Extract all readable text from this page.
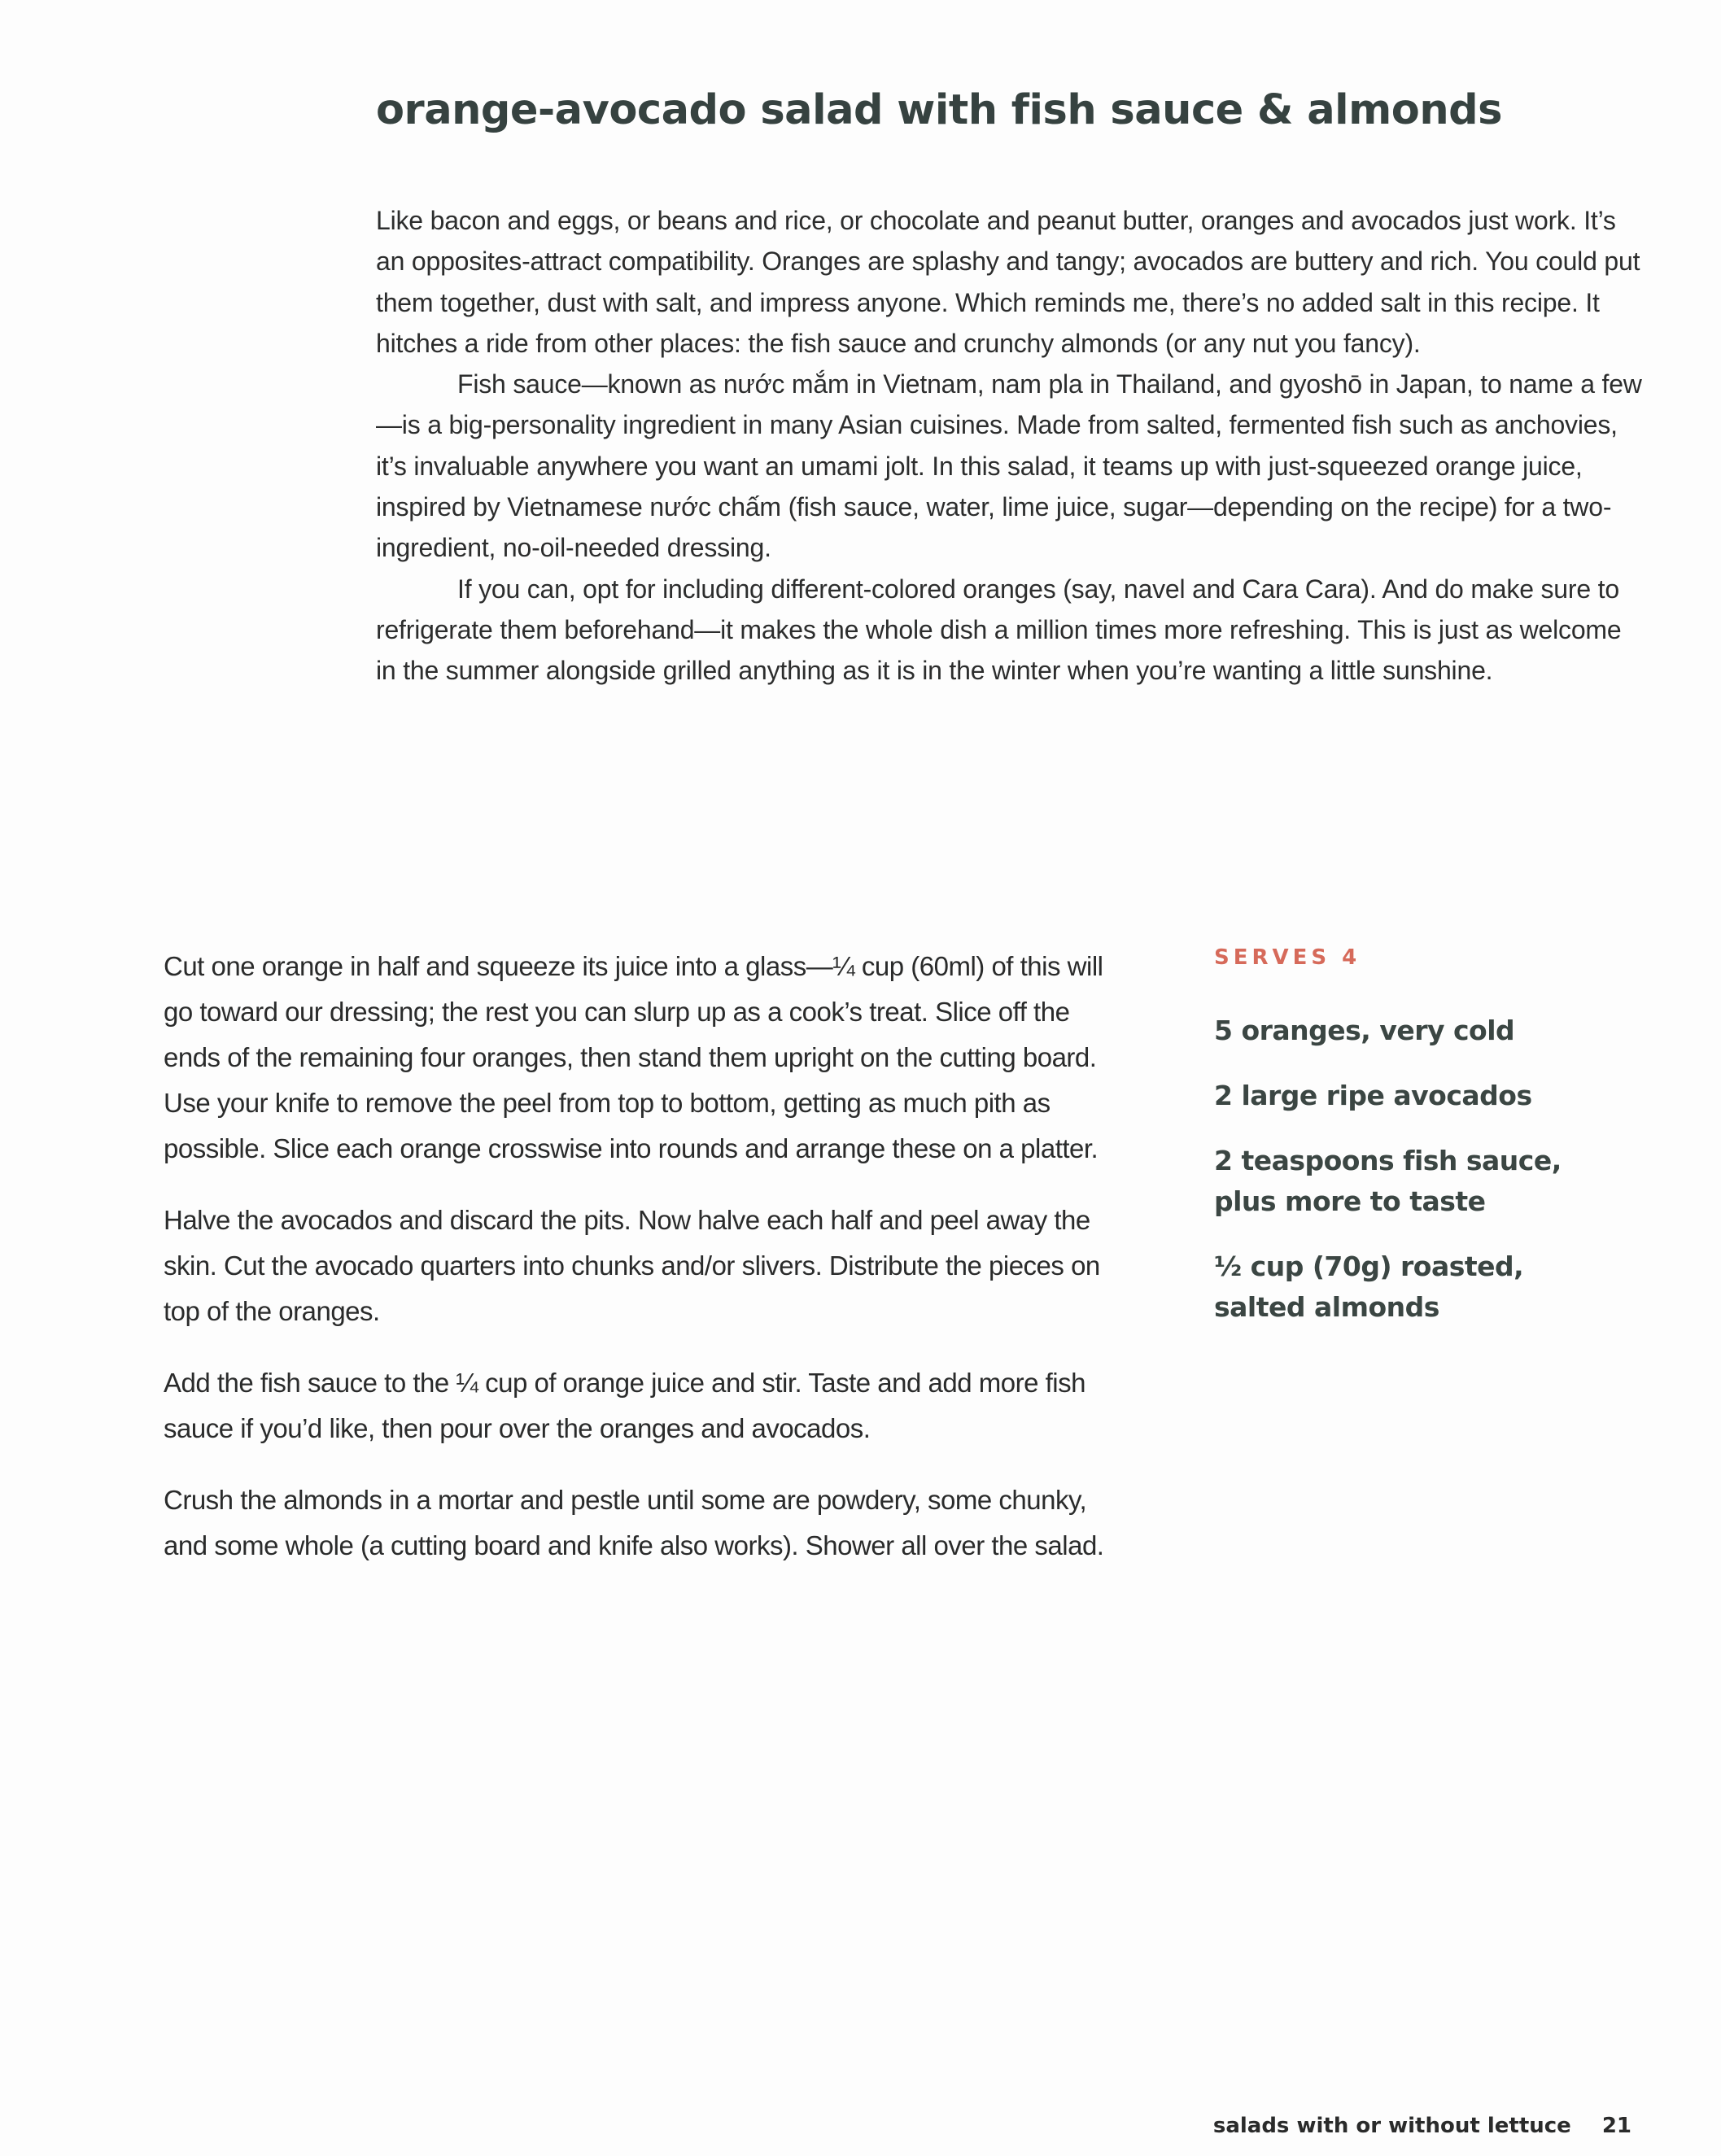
orange-avocado salad with fish sauce & almonds

Like bacon and eggs, or beans and rice, or chocolate and peanut butter, oranges and avocados just work. It’s an opposites-attract compatibility. Oranges are splashy and tangy; avocados are buttery and rich. You could put them together, dust with salt, and impress anyone. Which reminds me, there’s no added salt in this recipe. It hitches a ride from other places: the fish sauce and crunchy almonds (or any nut you fancy).

Fish sauce—known as nước mắm in Vietnam, nam pla in Thailand, and gyoshō in Japan, to name a few—is a big-personality ingredient in many Asian cuisines. Made from salted, fermented fish such as anchovies, it’s invaluable anywhere you want an umami jolt. In this salad, it teams up with just-squeezed orange juice, inspired by Vietnamese nước chấm (fish sauce, water, lime juice, sugar—depending on the recipe) for a two-ingredient, no-oil-needed dressing.

If you can, opt for including different-colored oranges (say, navel and Cara Cara). And do make sure to refrigerate them beforehand—it makes the whole dish a million times more refreshing. This is just as welcome in the summer alongside grilled anything as it is in the winter when you’re wanting a little sunshine.

Cut one orange in half and squeeze its juice into a glass—¼ cup (60ml) of this will go toward our dressing; the rest you can slurp up as a cook’s treat. Slice off the ends of the remaining four oranges, then stand them upright on the cutting board. Use your knife to remove the peel from top to bottom, getting as much pith as possible. Slice each orange crosswise into rounds and arrange these on a platter.

Halve the avocados and discard the pits. Now halve each half and peel away the skin. Cut the avocado quarters into chunks and/or slivers. Distribute the pieces on top of the oranges.

Add the fish sauce to the ¼ cup of orange juice and stir. Taste and add more fish sauce if you’d like, then pour over the oranges and avocados.

Crush the almonds in a mortar and pestle until some are powdery, some chunky, and some whole (a cutting board and knife also works). Shower all over the salad.

SERVES 4
5 oranges, very cold
2 large ripe avocados
2 teaspoons fish sauce, plus more to taste
½ cup (70g) roasted, salted almonds
salads with or without lettuce 21
